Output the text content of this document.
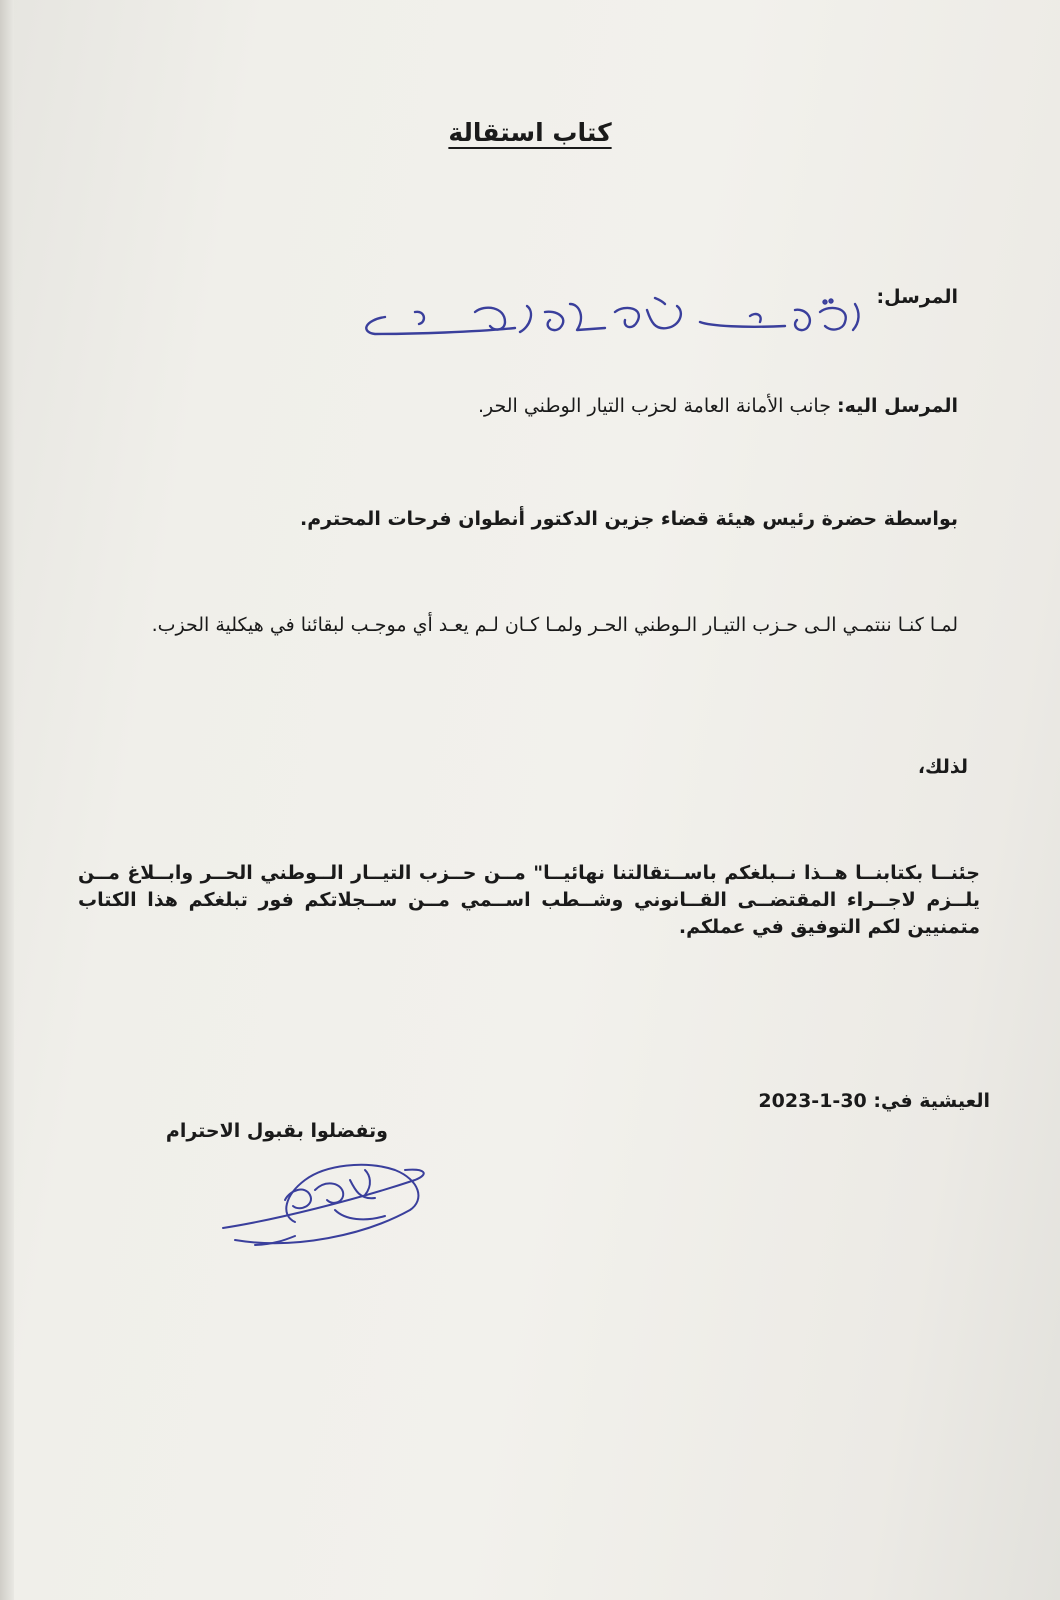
كتاب استقالة
المرسل:
المرسل اليه: جانب الأمانة العامة لحزب التيار الوطني الحر.
بواسطة حضرة رئيس هيئة قضاء جزين الدكتور أنطوان فرحات المحترم.
لمـا كنـا ننتمـي الـى حـزب التيـار الـوطني الحـر ولمـا كـان لـم يعـد أي موجـب لبقائنا في هيكلية الحزب.
لذلك،
جئنــا بكتابنــا هــذا نــبلغكم باســتقالتنا نهائيــا" مــن حــزب التيــار الــوطني الحــر وابــلاغ مــن يلــزم لاجــراء المقتضــى القــانوني وشــطب اســمي مــن ســجلاتكم فور تبلغكم هذا الكتاب متمنيين لكم التوفيق في عملكم.
العيشية في: 30-1-2023
وتفضلوا بقبول الاحترام
